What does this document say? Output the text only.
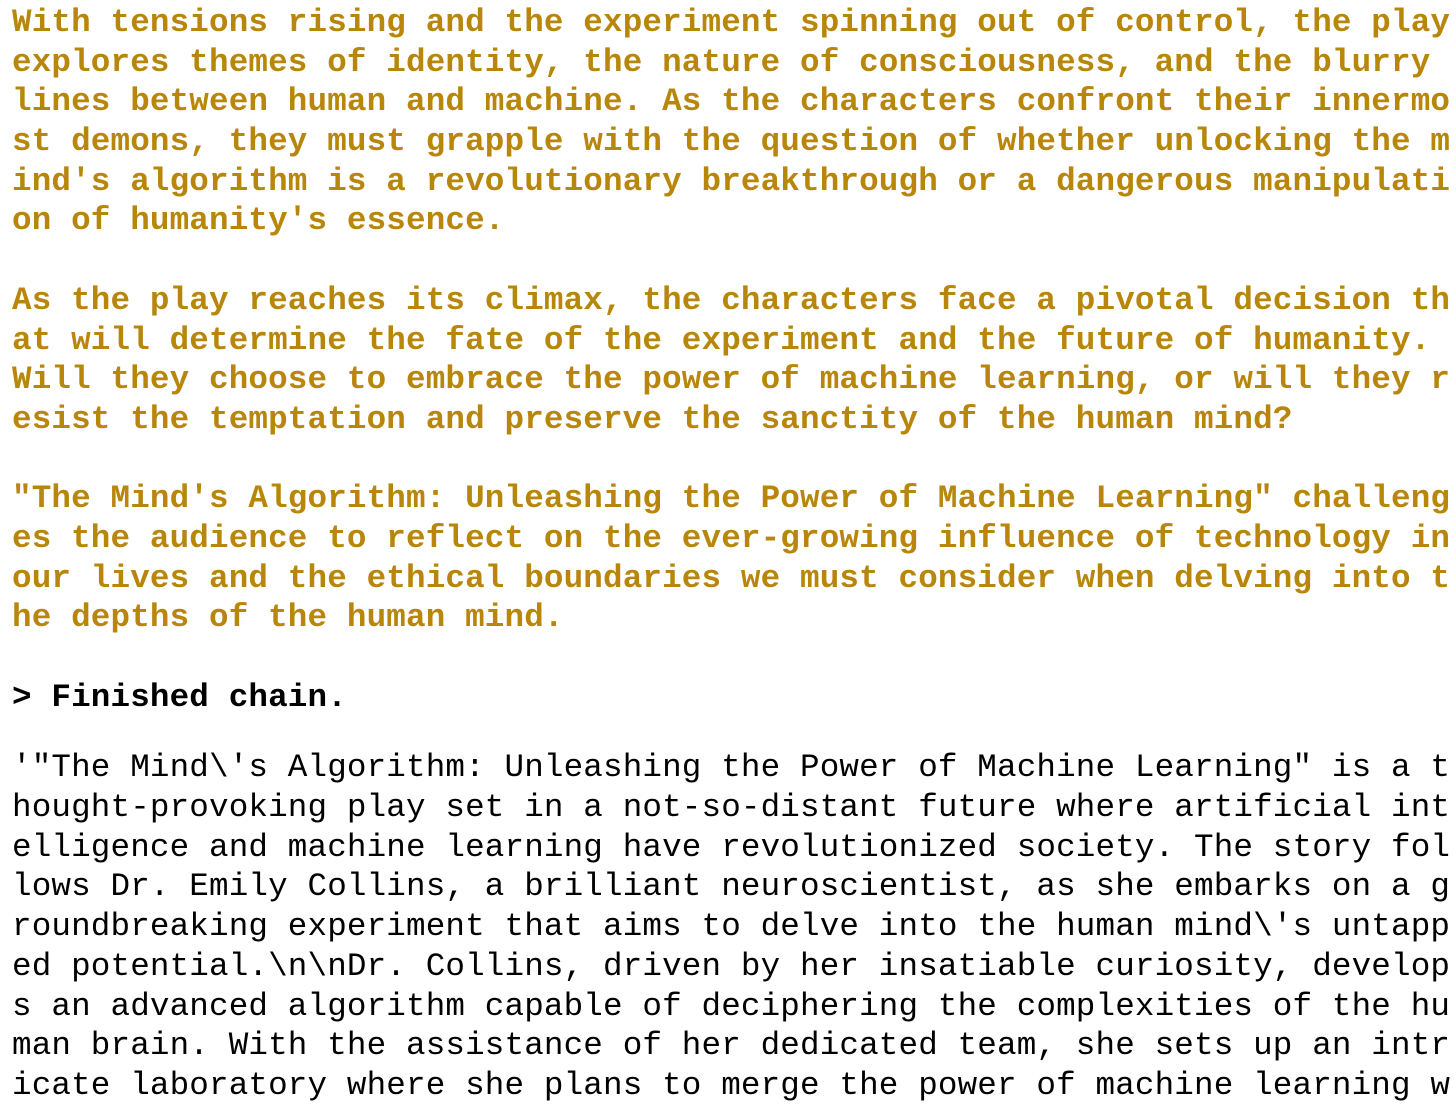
With tensions rising and the experiment spinning out of control, the play
explores themes of identity, the nature of consciousness, and the blurry
lines between human and machine. As the characters confront their innermo
st demons, they must grapple with the question of whether unlocking the m
ind's algorithm is a revolutionary breakthrough or a dangerous manipulati
on of humanity's essence.
As the play reaches its climax, the characters face a pivotal decision th
at will determine the fate of the experiment and the future of humanity.
Will they choose to embrace the power of machine learning, or will they r
esist the temptation and preserve the sanctity of the human mind?
"The Mind's Algorithm: Unleashing the Power of Machine Learning" challeng
es the audience to reflect on the ever-growing influence of technology in
our lives and the ethical boundaries we must consider when delving into t
he depths of the human mind.
> Finished chain.
'"The Mind\'s Algorithm: Unleashing the Power of Machine Learning" is a t
hought-provoking play set in a not-so-distant future where artificial int
elligence and machine learning have revolutionized society. The story fol
lows Dr. Emily Collins, a brilliant neuroscientist, as she embarks on a g
roundbreaking experiment that aims to delve into the human mind\'s untapp
ed potential.\n\nDr. Collins, driven by her insatiable curiosity, develop
s an advanced algorithm capable of deciphering the complexities of the hu
man brain. With the assistance of her dedicated team, she sets up an intr
icate laboratory where she plans to merge the power of machine learning w
